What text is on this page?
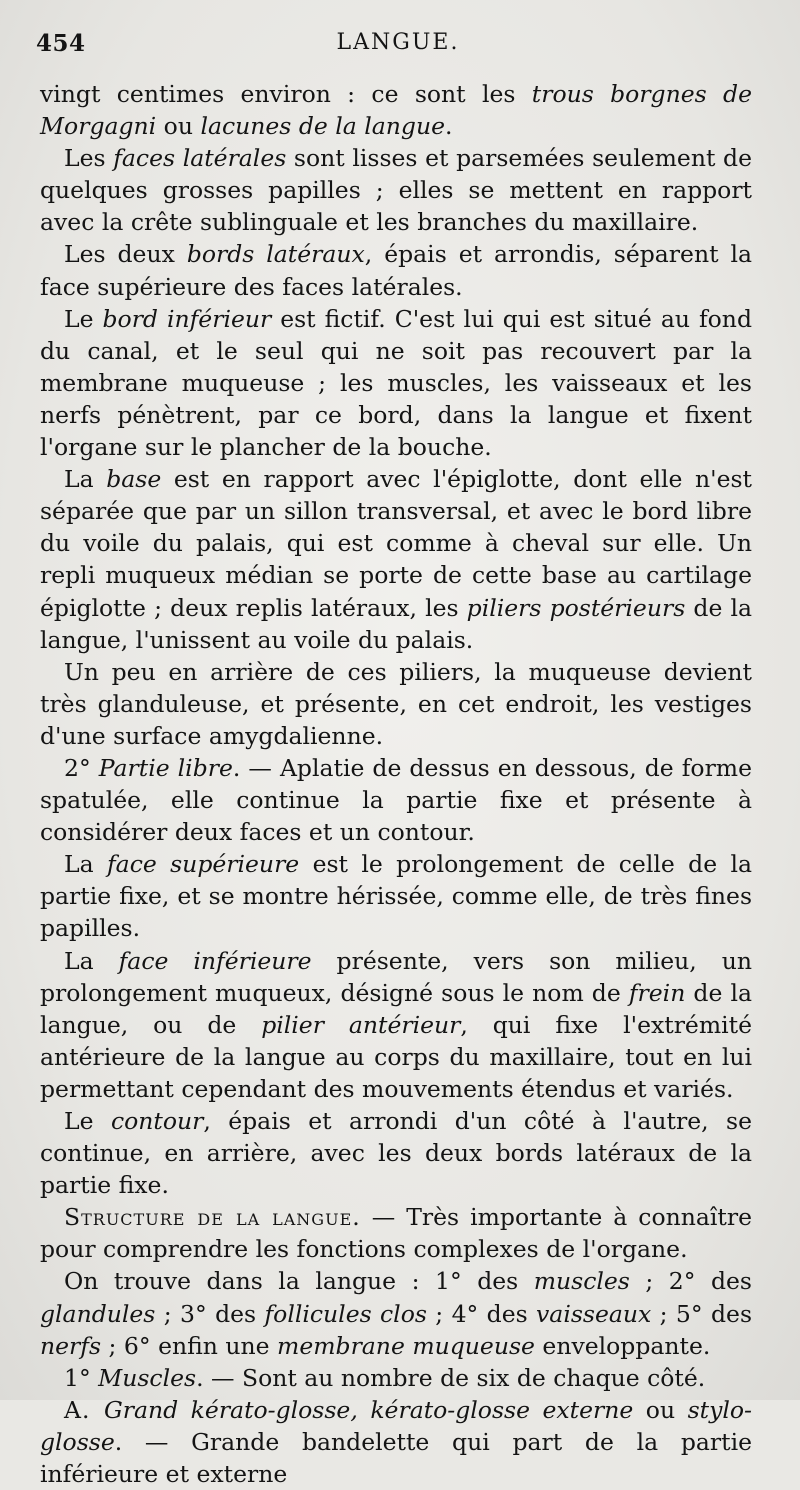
454	LANGUE.

vingt centimes environ : ce sont les trous borgnes de Morgagni ou lacunes de la langue.

Les faces latérales sont lisses et parsemées seulement de quelques grosses papilles ; elles se mettent en rapport avec la crête sublinguale et les branches du maxillaire.

Les deux bords latéraux, épais et arrondis, séparent la face supérieure des faces latérales.

Le bord inférieur est fictif. C'est lui qui est situé au fond du canal, et le seul qui ne soit pas recouvert par la membrane muqueuse ; les muscles, les vaisseaux et les nerfs pénètrent, par ce bord, dans la langue et fixent l'organe sur le plancher de la bouche.

La base est en rapport avec l'épiglotte, dont elle n'est séparée que par un sillon transversal, et avec le bord libre du voile du palais, qui est comme à cheval sur elle. Un repli muqueux médian se porte de cette base au cartilage épiglotte ; deux replis latéraux, les piliers postérieurs de la langue, l'unissent au voile du palais.

Un peu en arrière de ces piliers, la muqueuse devient très glanduleuse, et présente, en cet endroit, les vestiges d'une surface amygdalienne.

2° Partie libre. — Aplatie de dessus en dessous, de forme spatulée, elle continue la partie fixe et présente à considérer deux faces et un contour.

La face supérieure est le prolongement de celle de la partie fixe, et se montre hérissée, comme elle, de très fines papilles.

La face inférieure présente, vers son milieu, un prolongement muqueux, désigné sous le nom de frein de la langue, ou de pilier antérieur, qui fixe l'extrémité antérieure de la langue au corps du maxillaire, tout en lui permettant cependant des mouvements étendus et variés.

Le contour, épais et arrondi d'un côté à l'autre, se continue, en arrière, avec les deux bords latéraux de la partie fixe.

Structure de la langue. — Très importante à connaître pour comprendre les fonctions complexes de l'organe.

On trouve dans la langue : 1° des muscles ; 2° des glandules ; 3° des follicules clos ; 4° des vaisseaux ; 5° des nerfs ; 6° enfin une membrane muqueuse enveloppante.

1° Muscles. — Sont au nombre de six de chaque côté.

A. Grand kérato-glosse, kérato-glosse externe ou stylo-glosse. — Grande bandelette qui part de la partie inférieure et externe
